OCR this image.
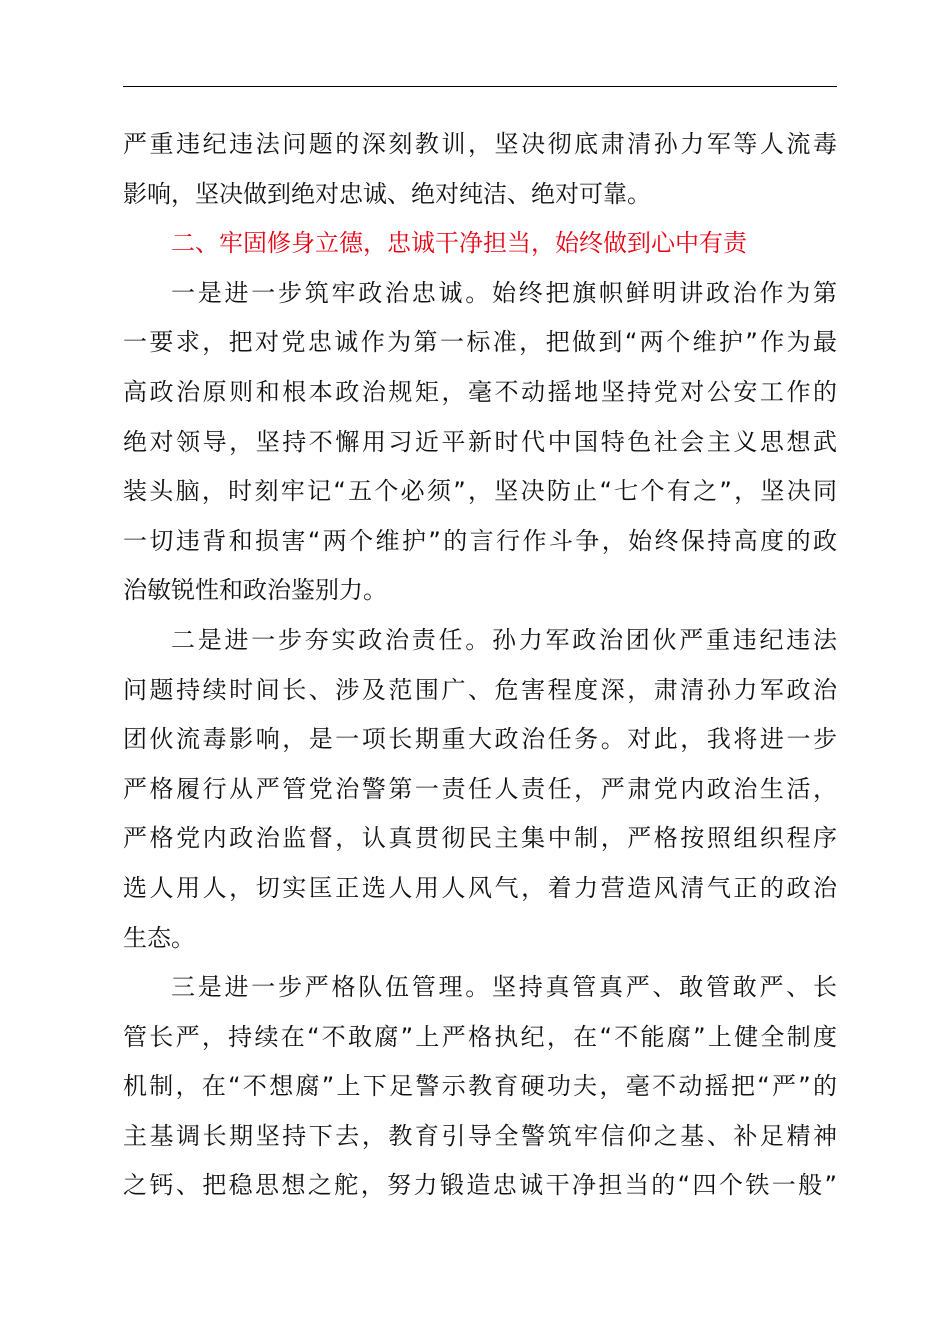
严重违纪违法问题的深刻教训，坚决彻底肃清孙力军等人流毒
影响，坚决做到绝对忠诚、绝对纯洁、绝对可靠。
二、牢固修身立德，忠诚干净担当，始终做到心中有责
一是进一步筑牢政治忠诚。始终把旗帜鲜明讲政治作为第
一要求，把对党忠诚作为第一标准，把做到“两个维护”作为最
高政治原则和根本政治规矩，毫不动摇地坚持党对公安工作的
绝对领导，坚持不懈用习近平新时代中国特色社会主义思想武
装头脑，时刻牢记“五个必须”，坚决防止“七个有之”，坚决同
一切违背和损害“两个维护”的言行作斗争，始终保持高度的政
治敏锐性和政治鉴别力。
二是进一步夯实政治责任。孙力军政治团伙严重违纪违法
问题持续时间长、涉及范围广、危害程度深，肃清孙力军政治
团伙流毒影响，是一项长期重大政治任务。对此，我将进一步
严格履行从严管党治警第一责任人责任，严肃党内政治生活，
严格党内政治监督，认真贯彻民主集中制，严格按照组织程序
选人用人，切实匡正选人用人风气，着力营造风清气正的政治
生态。
三是进一步严格队伍管理。坚持真管真严、敢管敢严、长
管长严，持续在“不敢腐”上严格执纪，在“不能腐”上健全制度
机制，在“不想腐”上下足警示教育硬功夫，毫不动摇把“严”的
主基调长期坚持下去，教育引导全警筑牢信仰之基、补足精神
之钙、把稳思想之舵，努力锻造忠诚干净担当的“四个铁一般”
